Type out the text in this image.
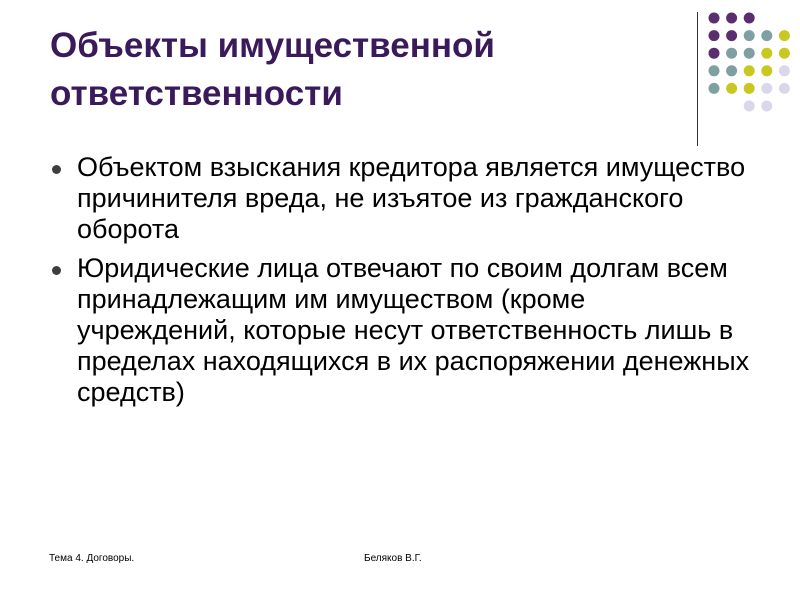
Объекты имущественной ответственности
Объектом взыскания кредитора является имущество причинителя вреда, не изъятое из гражданского оборота
Юридические лица отвечают по своим долгам всем принадлежащим им имуществом (кроме учреждений, которые несут ответственность лишь в пределах находящихся в их распоряжении денежных средств)
Тема 4. Договоры.	Беляков В.Г.
